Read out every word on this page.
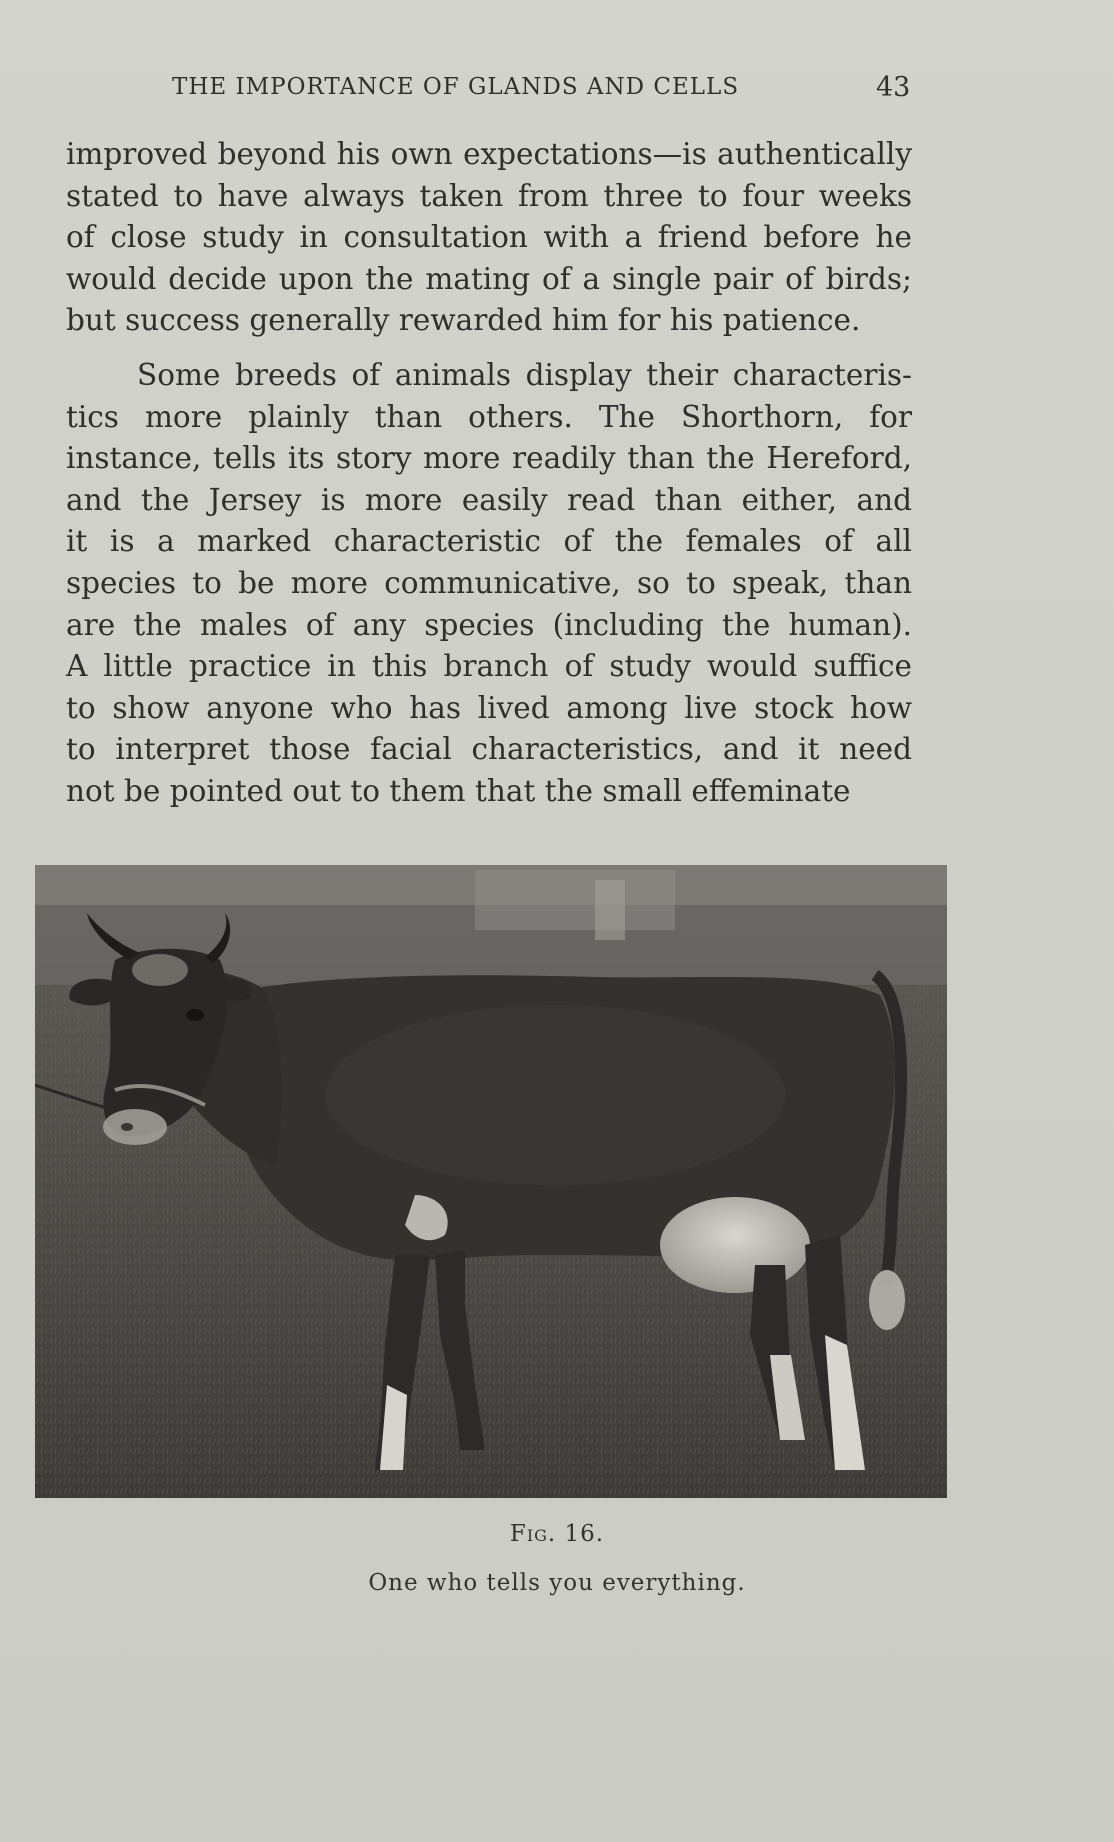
THE IMPORTANCE OF GLANDS AND CELLS	43

improved beyond his own expectations—is authentically
stated to have always taken from three to four weeks
of close study in consultation with a friend before he
would decide upon the mating of a single pair of birds;
but success generally rewarded him for his patience.

Some breeds of animals display their characteris-
tics more plainly than others. The Shorthorn, for
instance, tells its story more readily than the Hereford,
and the Jersey is more easily read than either, and
it is a marked characteristic of the females of all
species to be more communicative, so to speak, than
are the males of any species (including the human).
A little practice in this branch of study would suffice
to show anyone who has lived among live stock how
to interpret those facial characteristics, and it need
not be pointed out to them that the small effeminate

Fig. 16.
One who tells you everything.
